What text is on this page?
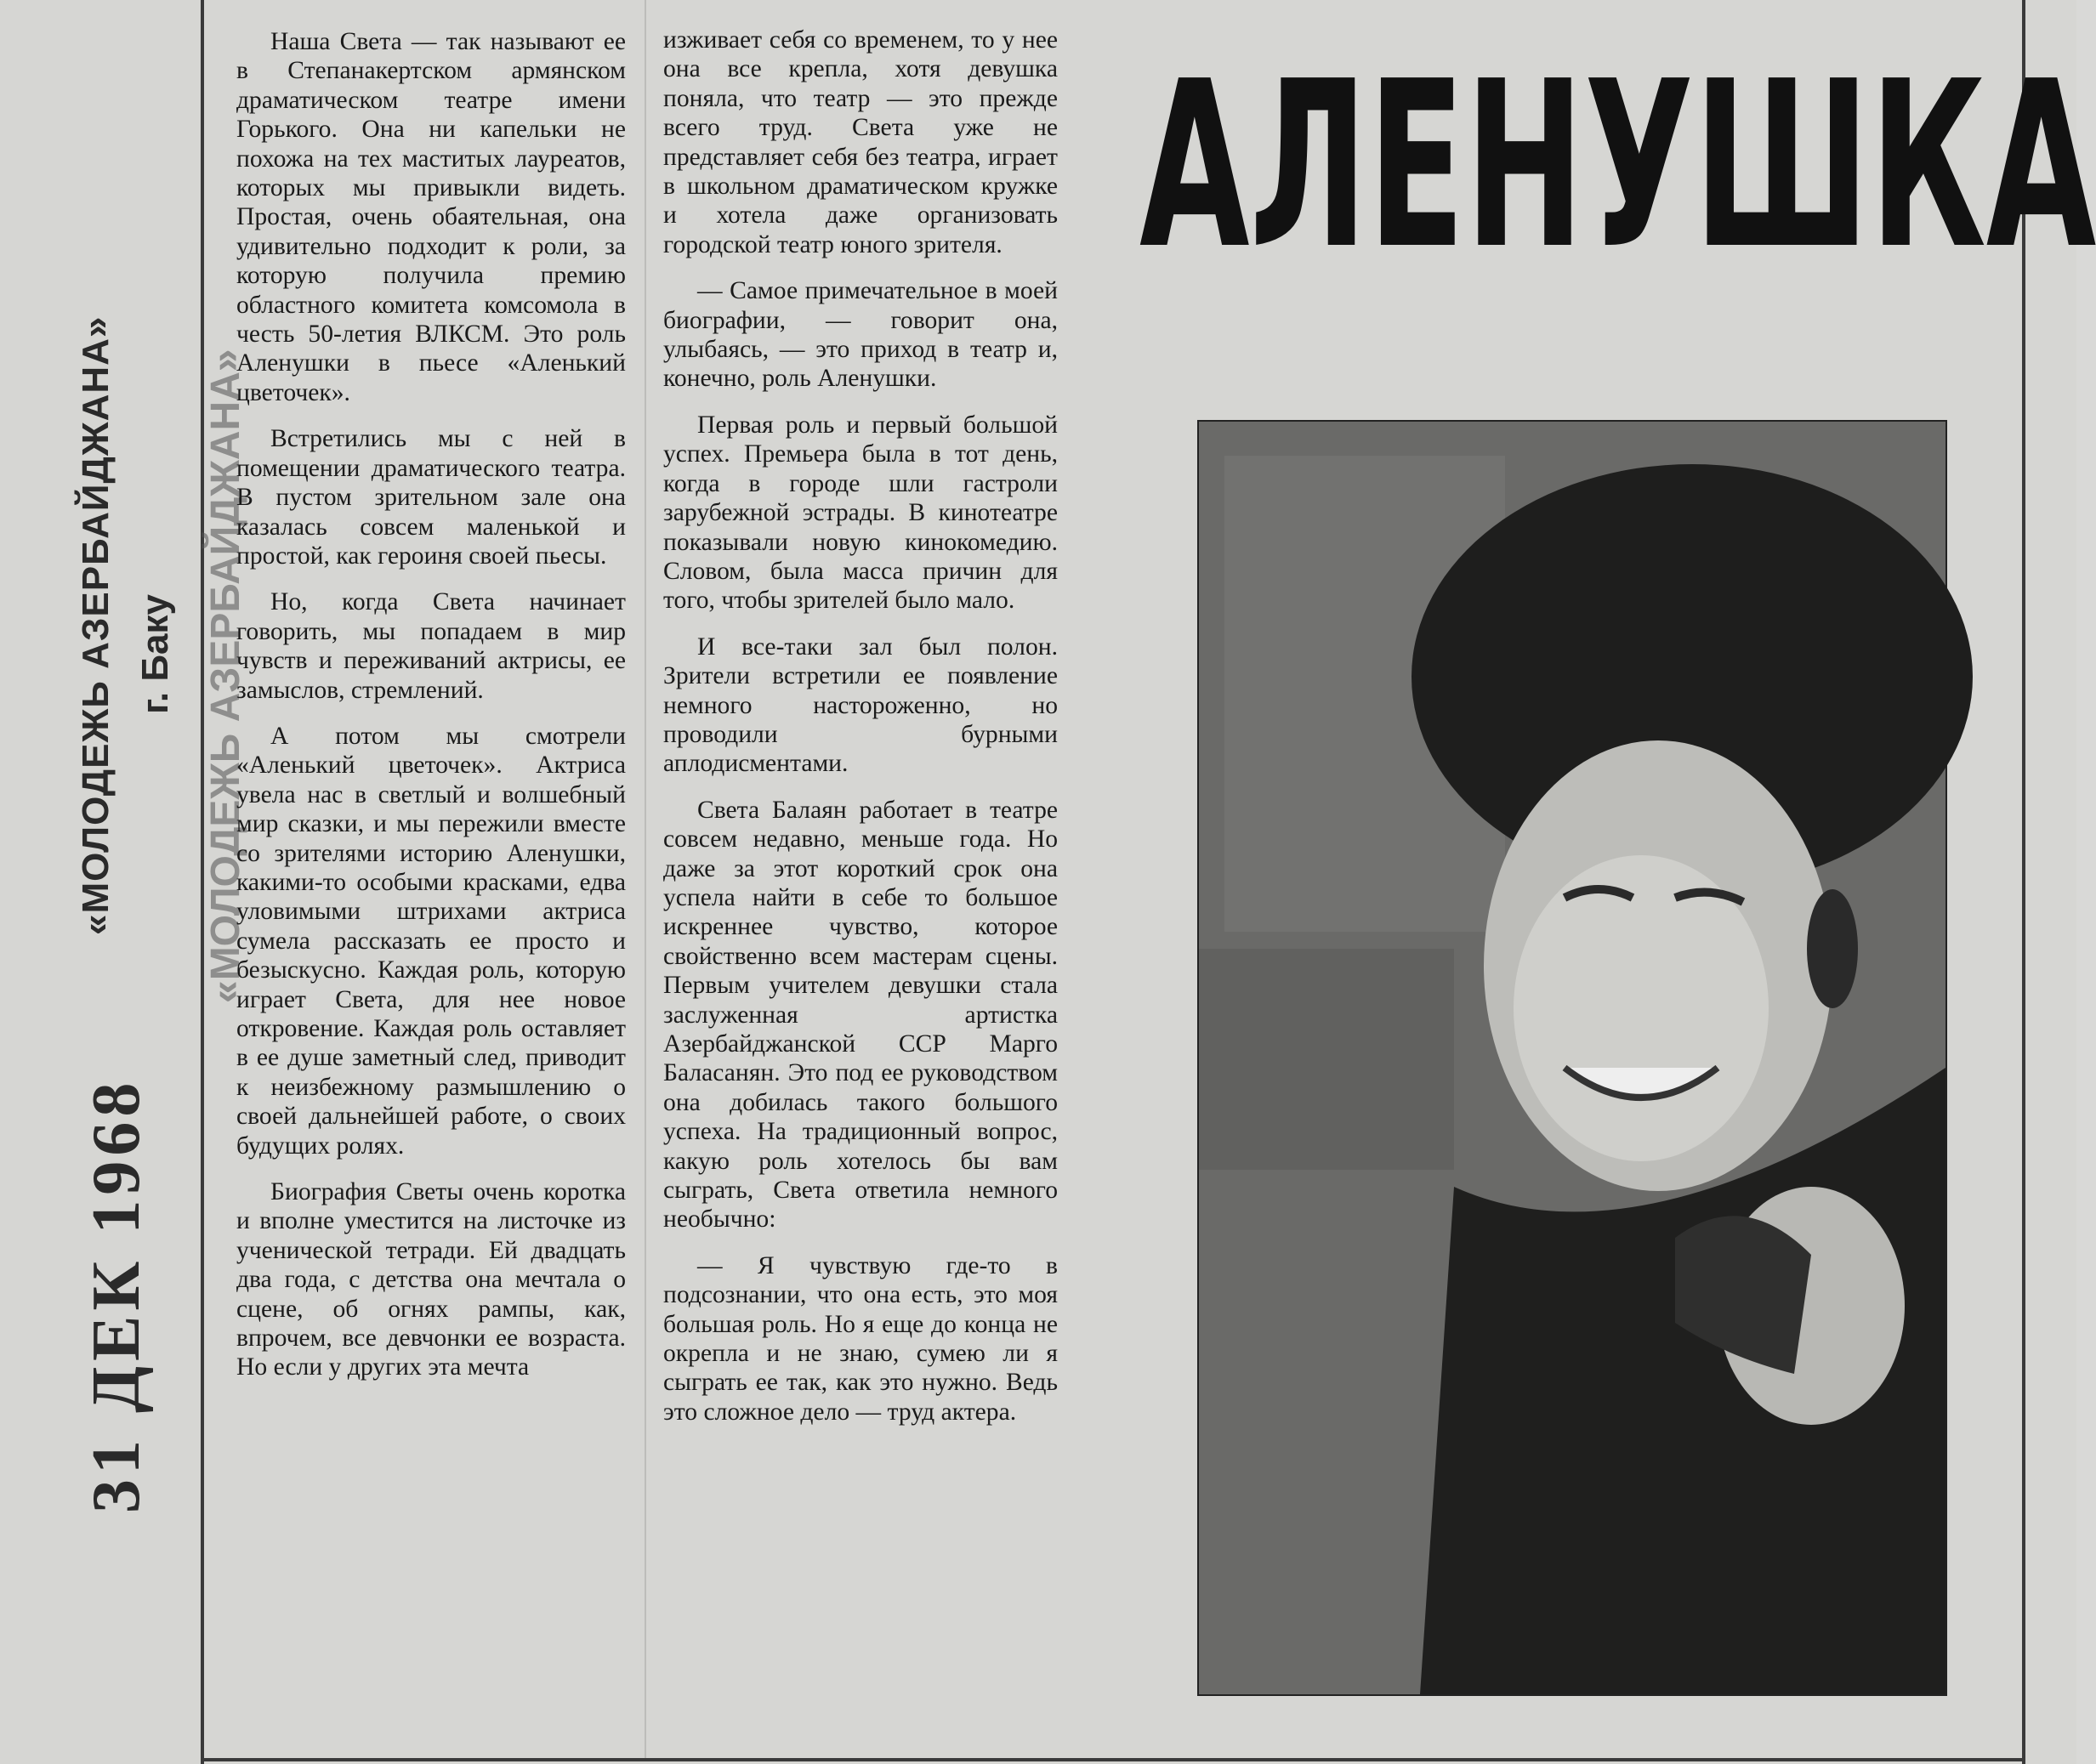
«МОЛОДЕЖЬ АЗЕРБАЙДЖАНА» г. Баку «МОЛОДЕЖЬ АЗЕРБАЙДЖАНА»
31 ДЕК 1968

Наша Света — так называют ее в Степанакертском армянском драматическом театре имени Горького. Она ни капельки не похожа на тех маститых лауреатов, которых мы привыкли видеть. Простая, очень обаятельная, она удивительно подходит к роли, за которую получила премию областного комитета комсомола в честь 50-летия ВЛКСМ. Это роль Аленушки в пьесе «Аленький цветочек».

Встретились мы с ней в помещении драматического театра. В пустом зрительном зале она казалась совсем маленькой и простой, как героиня своей пьесы.

Но, когда Света начинает говорить, мы попадаем в мир чувств и переживаний актрисы, ее замыслов, стремлений.

А потом мы смотрели «Аленький цветочек». Актриса увела нас в светлый и волшебный мир сказки, и мы пережили вместе со зрителями историю Аленушки, какими-то особыми красками, едва уловимыми штрихами актриса сумела рассказать ее просто и безыскусно. Каждая роль, которую играет Света, для нее новое откровение. Каждая роль оставляет в ее душе заметный след, приводит к неизбежному размышлению о своей дальнейшей работе, о своих будущих ролях.

Биография Светы очень коротка и вполне уместится на листочке из ученической тетради. Ей двадцать два года, с детства она мечтала о сцене, об огнях рампы, как, впрочем, все девчонки ее возраста. Но если у других эта мечта

изживает себя со временем, то у нее она все крепла, хотя девушка поняла, что театр — это прежде всего труд. Света уже не представляет себя без театра, играет в школьном драматическом кружке и хотела даже организовать городской театр юного зрителя.

— Самое примечательное в моей биографии, — говорит она, улыбаясь, — это приход в театр и, конечно, роль Аленушки.

Первая роль и первый большой успех. Премьера была в тот день, когда в городе шли гастроли зарубежной эстрады. В кинотеатре показывали новую кинокомедию. Словом, была масса причин для того, чтобы зрителей было мало.

И все-таки зал был полон. Зрители встретили ее появление немного настороженно, но проводили бурными аплодисментами.

Света Балаян работает в театре совсем недавно, меньше года. Но даже за этот короткий срок она успела найти в себе то большое искреннее чувство, которое свойственно всем мастерам сцены. Первым учителем девушки стала заслуженная артистка Азербайджанской ССР Марго Баласанян. Это под ее руководством она добилась такого большого успеха. На традиционный вопрос, какую роль хотелось бы вам сыграть, Света ответила немного необычно:

— Я чувствую где-то в подсознании, что она есть, это моя большая роль. Но я еще до конца не окрепла и не знаю, сумею ли я сыграть ее так, как это нужно. Ведь это сложное дело — труд актера.

А Л Е Н У Ш К А
